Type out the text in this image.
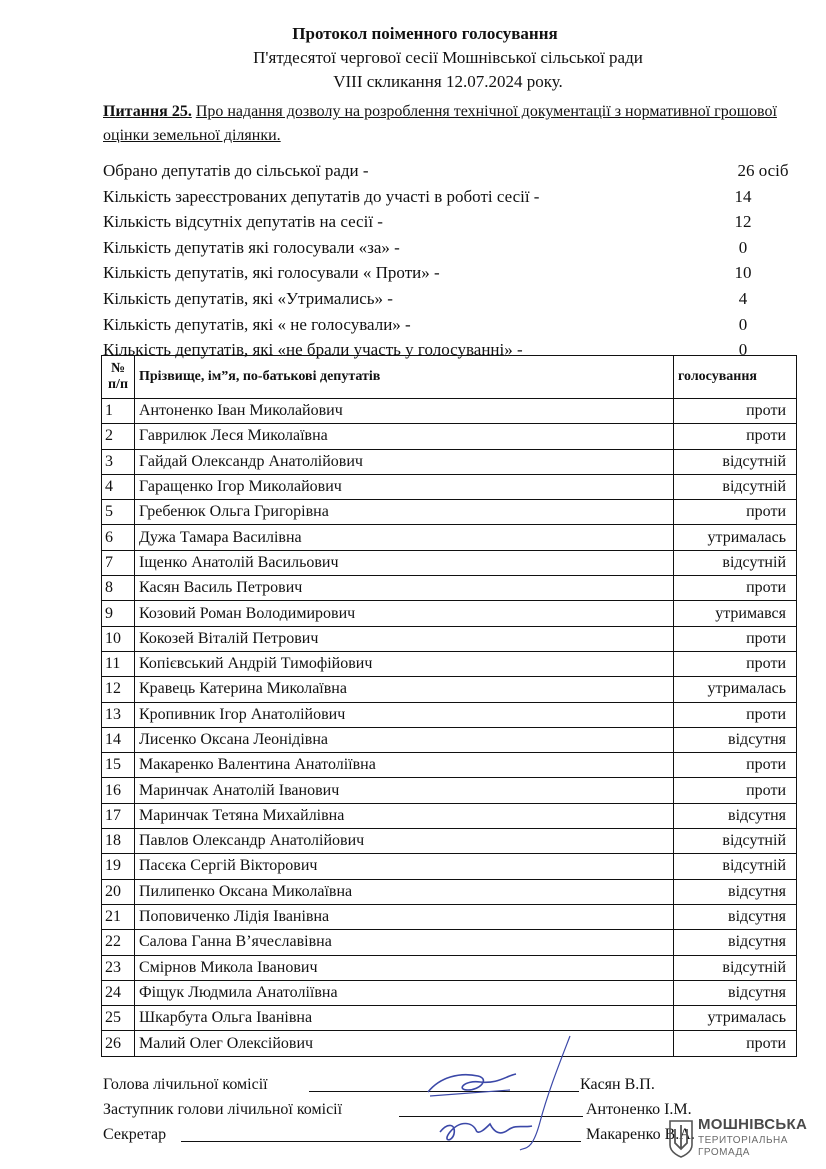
Протокол поіменного голосування
П'ятдесятої чергової сесії Мошнівської сільської ради
VIII скликання 12.07.2024 року.
Питання 25. Про надання дозволу на розроблення технічної документації з нормативної грошової оцінки земельної ділянки.
Обрано депутатів до сільської ради -	26 осіб
Кількість зареєстрованих депутатів до участі в роботі сесії -	14
Кількість відсутніх депутатів на сесії -	12
Кількість депутатів які голосували «за» -	0
Кількість депутатів, які голосували « Проти» -	10
Кількість депутатів, які «Утримались» -	4
Кількість депутатів, які « не голосували» -	0
Кількість депутатів, які «не брали участь у голосуванні» -	0
№
п/п	Прізвище, ім”я, по-батькові депутатів	голосування
1	Антоненко Іван Миколайович	проти
2	Гаврилюк Леся Миколаївна	проти
3	Гайдай Олександр Анатолійович	відсутній
4	Гаращенко Ігор Миколайович	відсутній
5	Гребенюк Ольга Григорівна	проти
6	Дужа Тамара Василівна	утрималась
7	Іщенко Анатолій Васильович	відсутній
8	Касян Василь Петрович	проти
9	Козовий Роман Володимирович	утримався
10	Кокозей Віталій Петрович	проти
11	Копієвський Андрій Тимофійович	проти
12	Кравець Катерина Миколаївна	утрималась
13	Кропивник Ігор Анатолійович	проти
14	Лисенко Оксана Леонідівна	відсутня
15	Макаренко Валентина Анатоліївна	проти
16	Маринчак Анатолій Іванович	проти
17	Маринчак Тетяна Михайлівна	відсутня
18	Павлов Олександр Анатолійович	відсутній
19	Пасєка Сергій Вікторович	відсутній
20	Пилипенко Оксана Миколаївна	відсутня
21	Поповиченко Лідія Іванівна	відсутня
22	Салова Ганна В’ячеславівна	відсутня
23	Смірнов Микола Іванович	відсутній
24	Фіщук Людмила Анатоліївна	відсутня
25	Шкарбута Ольга Іванівна	утрималась
26	Малий Олег Олексійович	проти
Голова лічильної комісії	Касян В.П.
Заступник голови лічильної комісії	Антоненко І.М.
Секретар	Макаренко В.А.
МОШНІВСЬКА
ТЕРИТОРІАЛЬНА
ГРОМАДА
